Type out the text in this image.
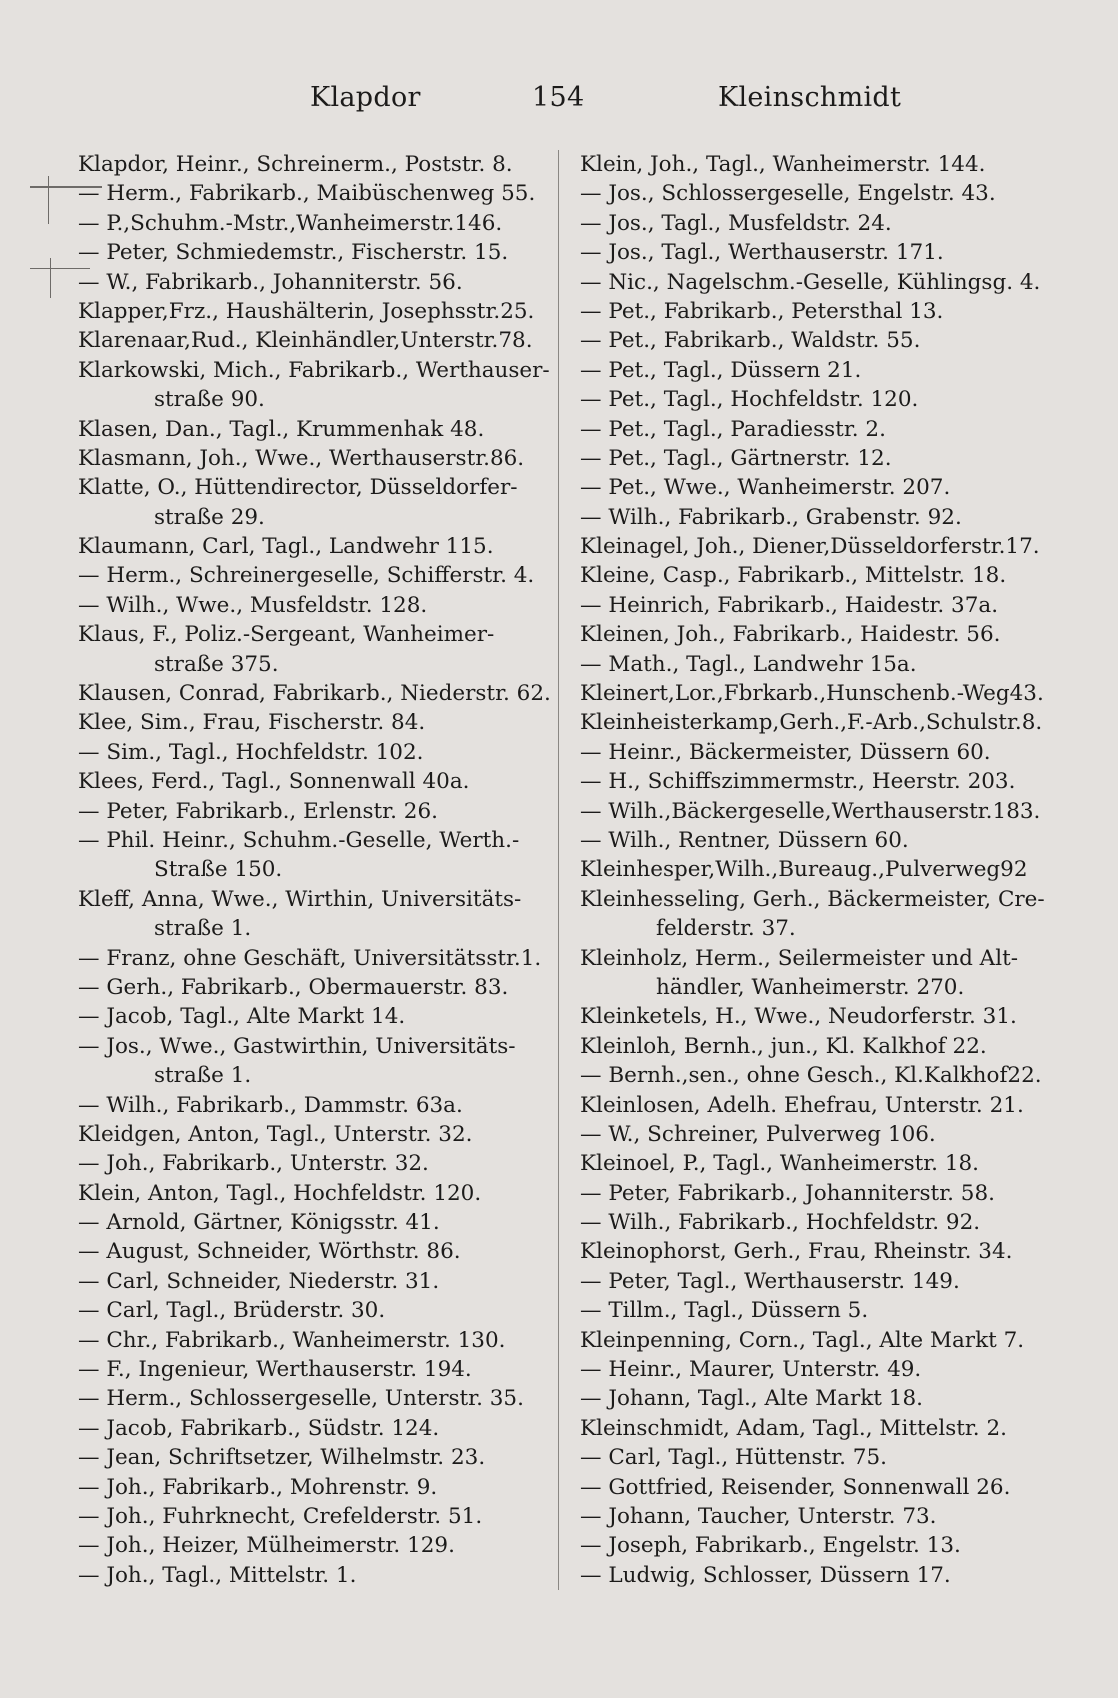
Klapdor	154	Kleinschmidt
Klapdor, Heinr., Schreinerm., Poststr. 8.
— Herm., Fabrikarb., Maibüschenweg 55.
— P.,Schuhm.-Mstr.,Wanheimerstr.146.
— Peter, Schmiedemstr., Fischerstr. 15.
— W., Fabrikarb., Johanniterstr. 56.
Klapper,Frz., Haushälterin, Josephsstr.25.
Klarenaar,Rud., Kleinhändler,Unterstr.78.
Klarkowski, Mich., Fabrikarb., Werthauser-
straße 90.
Klasen, Dan., Tagl., Krummenhak 48.
Klasmann, Joh., Wwe., Werthauserstr.86.
Klatte, O., Hüttendirector, Düsseldorfer-
straße 29.
Klaumann, Carl, Tagl., Landwehr 115.
— Herm., Schreinergeselle, Schifferstr. 4.
— Wilh., Wwe., Musfeldstr. 128.
Klaus, F., Poliz.-Sergeant, Wanheimer-
straße 375.
Klausen, Conrad, Fabrikarb., Niederstr. 62.
Klee, Sim., Frau, Fischerstr. 84.
— Sim., Tagl., Hochfeldstr. 102.
Klees, Ferd., Tagl., Sonnenwall 40a.
— Peter, Fabrikarb., Erlenstr. 26.
— Phil. Heinr., Schuhm.-Geselle, Werth.-
Straße 150.
Kleff, Anna, Wwe., Wirthin, Universitäts-
straße 1.
— Franz, ohne Geschäft, Universitätsstr.1.
— Gerh., Fabrikarb., Obermauerstr. 83.
— Jacob, Tagl., Alte Markt 14.
— Jos., Wwe., Gastwirthin, Universitäts-
straße 1.
— Wilh., Fabrikarb., Dammstr. 63a.
Kleidgen, Anton, Tagl., Unterstr. 32.
— Joh., Fabrikarb., Unterstr. 32.
Klein, Anton, Tagl., Hochfeldstr. 120.
— Arnold, Gärtner, Königsstr. 41.
— August, Schneider, Wörthstr. 86.
— Carl, Schneider, Niederstr. 31.
— Carl, Tagl., Brüderstr. 30.
— Chr., Fabrikarb., Wanheimerstr. 130.
— F., Ingenieur, Werthauserstr. 194.
— Herm., Schlossergeselle, Unterstr. 35.
— Jacob, Fabrikarb., Südstr. 124.
— Jean, Schriftsetzer, Wilhelmstr. 23.
— Joh., Fabrikarb., Mohrenstr. 9.
— Joh., Fuhrknecht, Crefelderstr. 51.
— Joh., Heizer, Mülheimerstr. 129.
— Joh., Tagl., Mittelstr. 1.
Klein, Joh., Tagl., Wanheimerstr. 144.
— Jos., Schlossergeselle, Engelstr. 43.
— Jos., Tagl., Musfeldstr. 24.
— Jos., Tagl., Werthauserstr. 171.
— Nic., Nagelschm.-Geselle, Kühlingsg. 4.
— Pet., Fabrikarb., Petersthal 13.
— Pet., Fabrikarb., Waldstr. 55.
— Pet., Tagl., Düssern 21.
— Pet., Tagl., Hochfeldstr. 120.
— Pet., Tagl., Paradiesstr. 2.
— Pet., Tagl., Gärtnerstr. 12.
— Pet., Wwe., Wanheimerstr. 207.
— Wilh., Fabrikarb., Grabenstr. 92.
Kleinagel, Joh., Diener,Düsseldorferstr.17.
Kleine, Casp., Fabrikarb., Mittelstr. 18.
— Heinrich, Fabrikarb., Haidestr. 37a.
Kleinen, Joh., Fabrikarb., Haidestr. 56.
— Math., Tagl., Landwehr 15a.
Kleinert,Lor.,Fbrkarb.,Hunschenb.-Weg43.
Kleinheisterkamp,Gerh.,F.-Arb.,Schulstr.8.
— Heinr., Bäckermeister, Düssern 60.
— H., Schiffszimmermstr., Heerstr. 203.
— Wilh.,Bäckergeselle,Werthauserstr.183.
— Wilh., Rentner, Düssern 60.
Kleinhesper,Wilh.,Bureaug.,Pulverweg92
Kleinhesseling, Gerh., Bäckermeister, Cre-
felderstr. 37.
Kleinholz, Herm., Seilermeister und Alt-
händler, Wanheimerstr. 270.
Kleinketels, H., Wwe., Neudorferstr. 31.
Kleinloh, Bernh., jun., Kl. Kalkhof 22.
— Bernh.,sen., ohne Gesch., Kl.Kalkhof22.
Kleinlosen, Adelh. Ehefrau, Unterstr. 21.
— W., Schreiner, Pulverweg 106.
Kleinoel, P., Tagl., Wanheimerstr. 18.
— Peter, Fabrikarb., Johanniterstr. 58.
— Wilh., Fabrikarb., Hochfeldstr. 92.
Kleinophorst, Gerh., Frau, Rheinstr. 34.
— Peter, Tagl., Werthauserstr. 149.
— Tillm., Tagl., Düssern 5.
Kleinpenning, Corn., Tagl., Alte Markt 7.
— Heinr., Maurer, Unterstr. 49.
— Johann, Tagl., Alte Markt 18.
Kleinschmidt, Adam, Tagl., Mittelstr. 2.
— Carl, Tagl., Hüttenstr. 75.
— Gottfried, Reisender, Sonnenwall 26.
— Johann, Taucher, Unterstr. 73.
— Joseph, Fabrikarb., Engelstr. 13.
— Ludwig, Schlosser, Düssern 17.
